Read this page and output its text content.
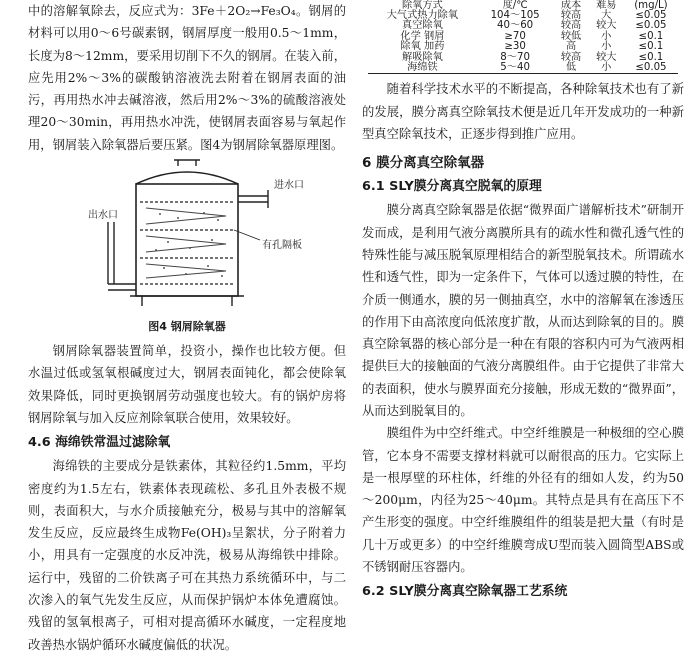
中的溶解氧除去，反应式为：3Fe＋2O₂→Fe₃O₄。钢屑的材料可以用0～6号碳素钢，钢屑厚度一般用0.5～1mm，长度为8～12mm，要采用切削下不久的钢屑。在装入前，应先用2%～3%的碳酸钠溶液洗去附着在钢屑表面的油污，再用热水冲去碱溶液，然后用2%～3%的硫酸溶液处理20～30min，再用热水冲洗，使钢屑表面容易与氧起作用，钢屑装入除氧器后要压紧。图4为钢屑除氧器原理图。

进水口
出水口
有孔隔板
图4 钢屑除氧器

钢屑除氧器装置简单，投资小，操作也比较方便。但水温过低或氢氧根碱度过大，钢屑表面钝化，都会使除氧效果降低，同时更换钢屑劳动强度也较大。有的锅炉房将钢屑除氧与加入反应剂除氧联合使用，效果较好。

4.6 海绵铁常温过滤除氧

海绵铁的主要成分是铁素体，其粒径约1.5mm，平均密度约为1.5左右，铁素体表现疏松、多孔且外表极不规则，表面积大，与水介质接触充分，极易与其中的溶解氧发生反应，反应最终生成物Fe(OH)₃呈絮状，分子附着力小，用具有一定强度的水反冲洗，极易从海绵铁中排除。运行中，残留的二价铁离子可在其热力系统循环中，与二次渗入的氧气先发生反应，从而保护锅炉本体免遭腐蚀。残留的氢氧根离子，可相对提高循环水碱度，一定程度地改善热水锅炉循环水碱度偏低的状况。

除氧方式	度/℃	成本	难易	(mg/L)
大气式热力除氧	104～105	较高	大	≤0.05
真空除氧	40～60	较高	较大	≤0.05
化学 钢屑	≥70	较低	小	≤0.1
除氧 加药	≥30	高	小	≤0.1
解吸除氧	8～70	较高	较大	≤0.1
海绵铁	5～40	低	小	≤0.05

随着科学技术水平的不断提高，各种除氧技术也有了新的发展，膜分离真空除氧技术便是近几年开发成功的一种新型真空除氧技术，正逐步得到推广应用。

6 膜分离真空除氧器
6.1 SLY膜分离真空脱氧的原理

膜分离真空除氧器是依据“微界面广谱解析技术”研制开发而成，是利用气液分离膜所具有的疏水性和微孔透气性的特殊性能与减压脱氧原理相结合的新型脱氧技术。所谓疏水性和透气性，即为一定条件下，气体可以透过膜的特性，在介质一侧通水，膜的另一侧抽真空，水中的溶解氧在渗透压的作用下由高浓度向低浓度扩散，从而达到除氧的目的。膜真空除氧器的核心部分是一种在有限的容积内可为气液两相提供巨大的接触面的气液分离膜组件。由于它提供了非常大的表面积，使水与膜界面充分接触，形成无数的“微界面”，从而达到脱氧目的。

膜组件为中空纤维式。中空纤维膜是一种极细的空心膜管，它本身不需要支撑材料就可以耐很高的压力。它实际上是一根厚壁的环柱体，纤维的外径有的细如人发，约为50～200μm，内径为25～40μm。其特点是具有在高压下不产生形变的强度。中空纤维膜组件的组装是把大量（有时是几十万或更多）的中空纤维膜弯成U型而装入圆筒型ABS或不锈钢耐压容器内。

6.2 SLY膜分离真空除氧器工艺系统
